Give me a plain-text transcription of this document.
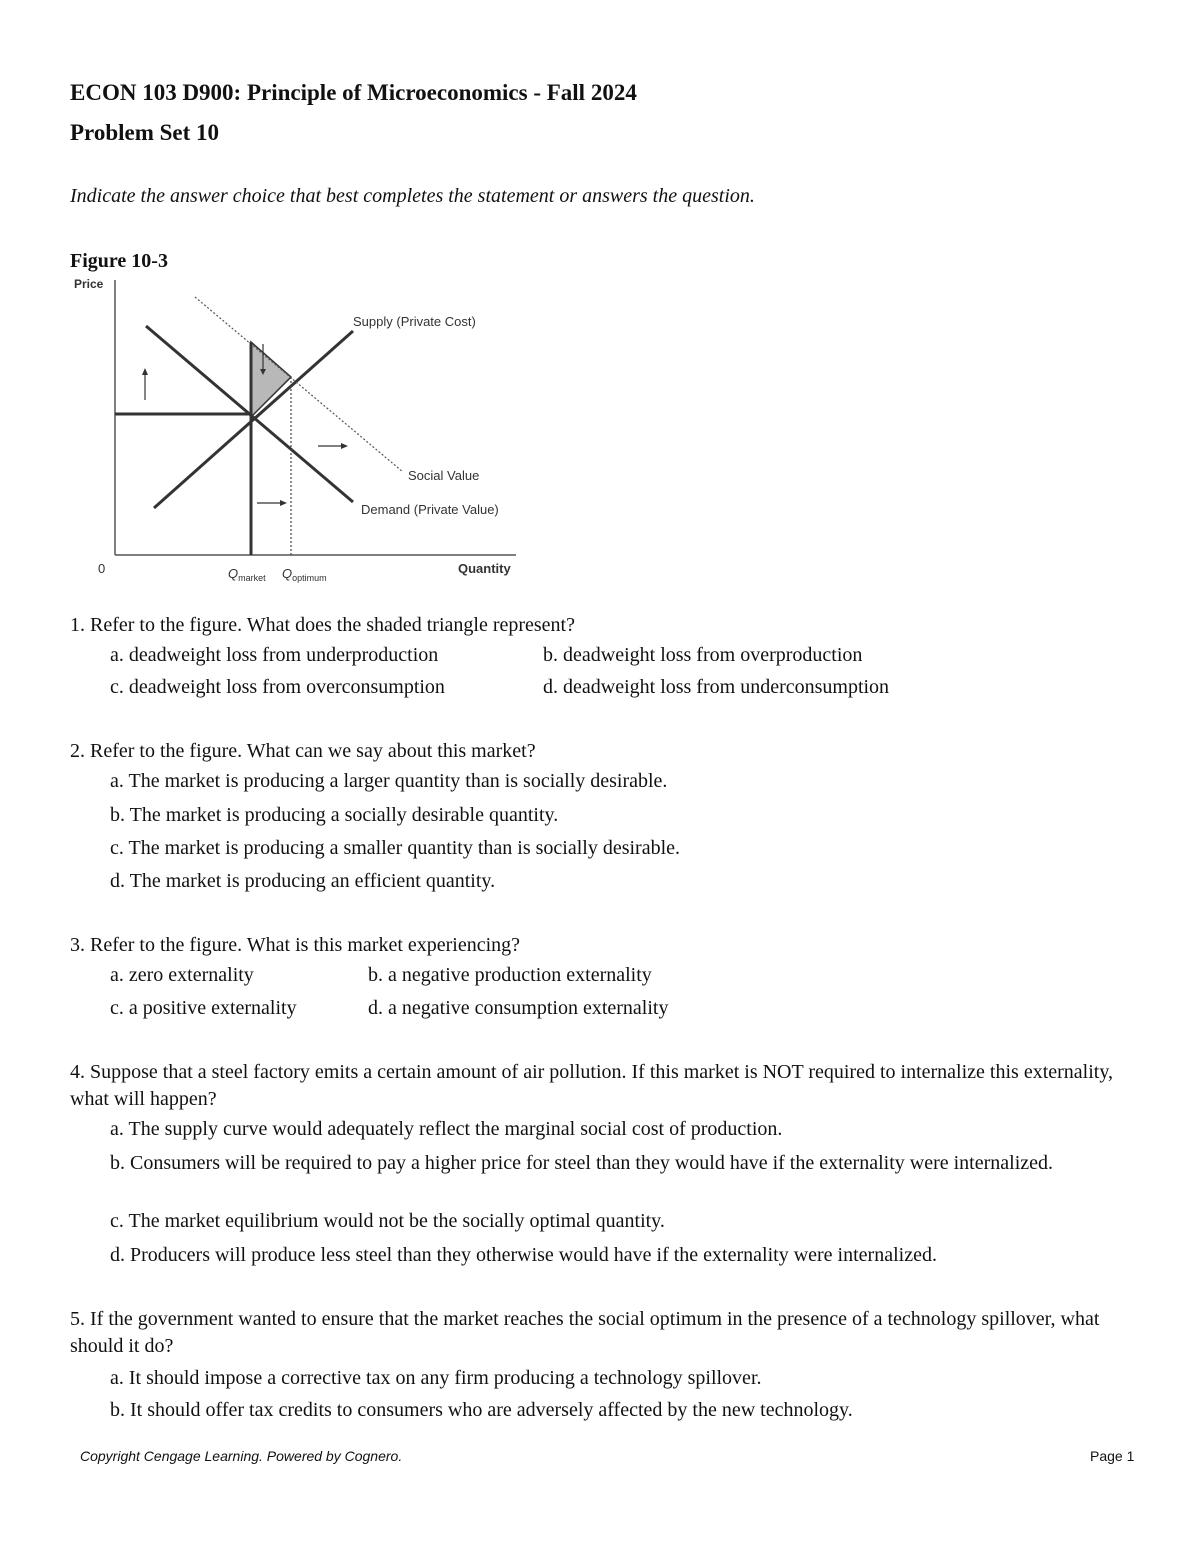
ECON 103 D900: Principle of Microeconomics - Fall 2024
Problem Set 10
Indicate the answer choice that best completes the statement or answers the question.
Figure 10-3
Price
Quantity
0
Supply (Private Cost)
Social Value
Demand (Private Value)
$Q_{market}$ $Q_{optimum}$
1. Refer to the figure. What does the shaded triangle represent?
a. deadweight loss from underproduction	b. deadweight loss from overproduction
c. deadweight loss from overconsumption	d. deadweight loss from underconsumption
2. Refer to the figure. What can we say about this market?
a. The market is producing a larger quantity than is socially desirable.
b. The market is producing a socially desirable quantity.
c. The market is producing a smaller quantity than is socially desirable.
d. The market is producing an efficient quantity.
3. Refer to the figure. What is this market experiencing?
a. zero externality	b. a negative production externality
c. a positive externality	d. a negative consumption externality
4. Suppose that a steel factory emits a certain amount of air pollution. If this market is NOT required to internalize this externality, what will happen?
a. The supply curve would adequately reflect the marginal social cost of production.
b. Consumers will be required to pay a higher price for steel than they would have if the externality were internalized.
c. The market equilibrium would not be the socially optimal quantity.
d. Producers will produce less steel than they otherwise would have if the externality were internalized.
5. If the government wanted to ensure that the market reaches the social optimum in the presence of a technology spillover, what should it do?
a. It should impose a corrective tax on any firm producing a technology spillover.
b. It should offer tax credits to consumers who are adversely affected by the new technology.
Copyright Cengage Learning. Powered by Cognero.	Page 1
